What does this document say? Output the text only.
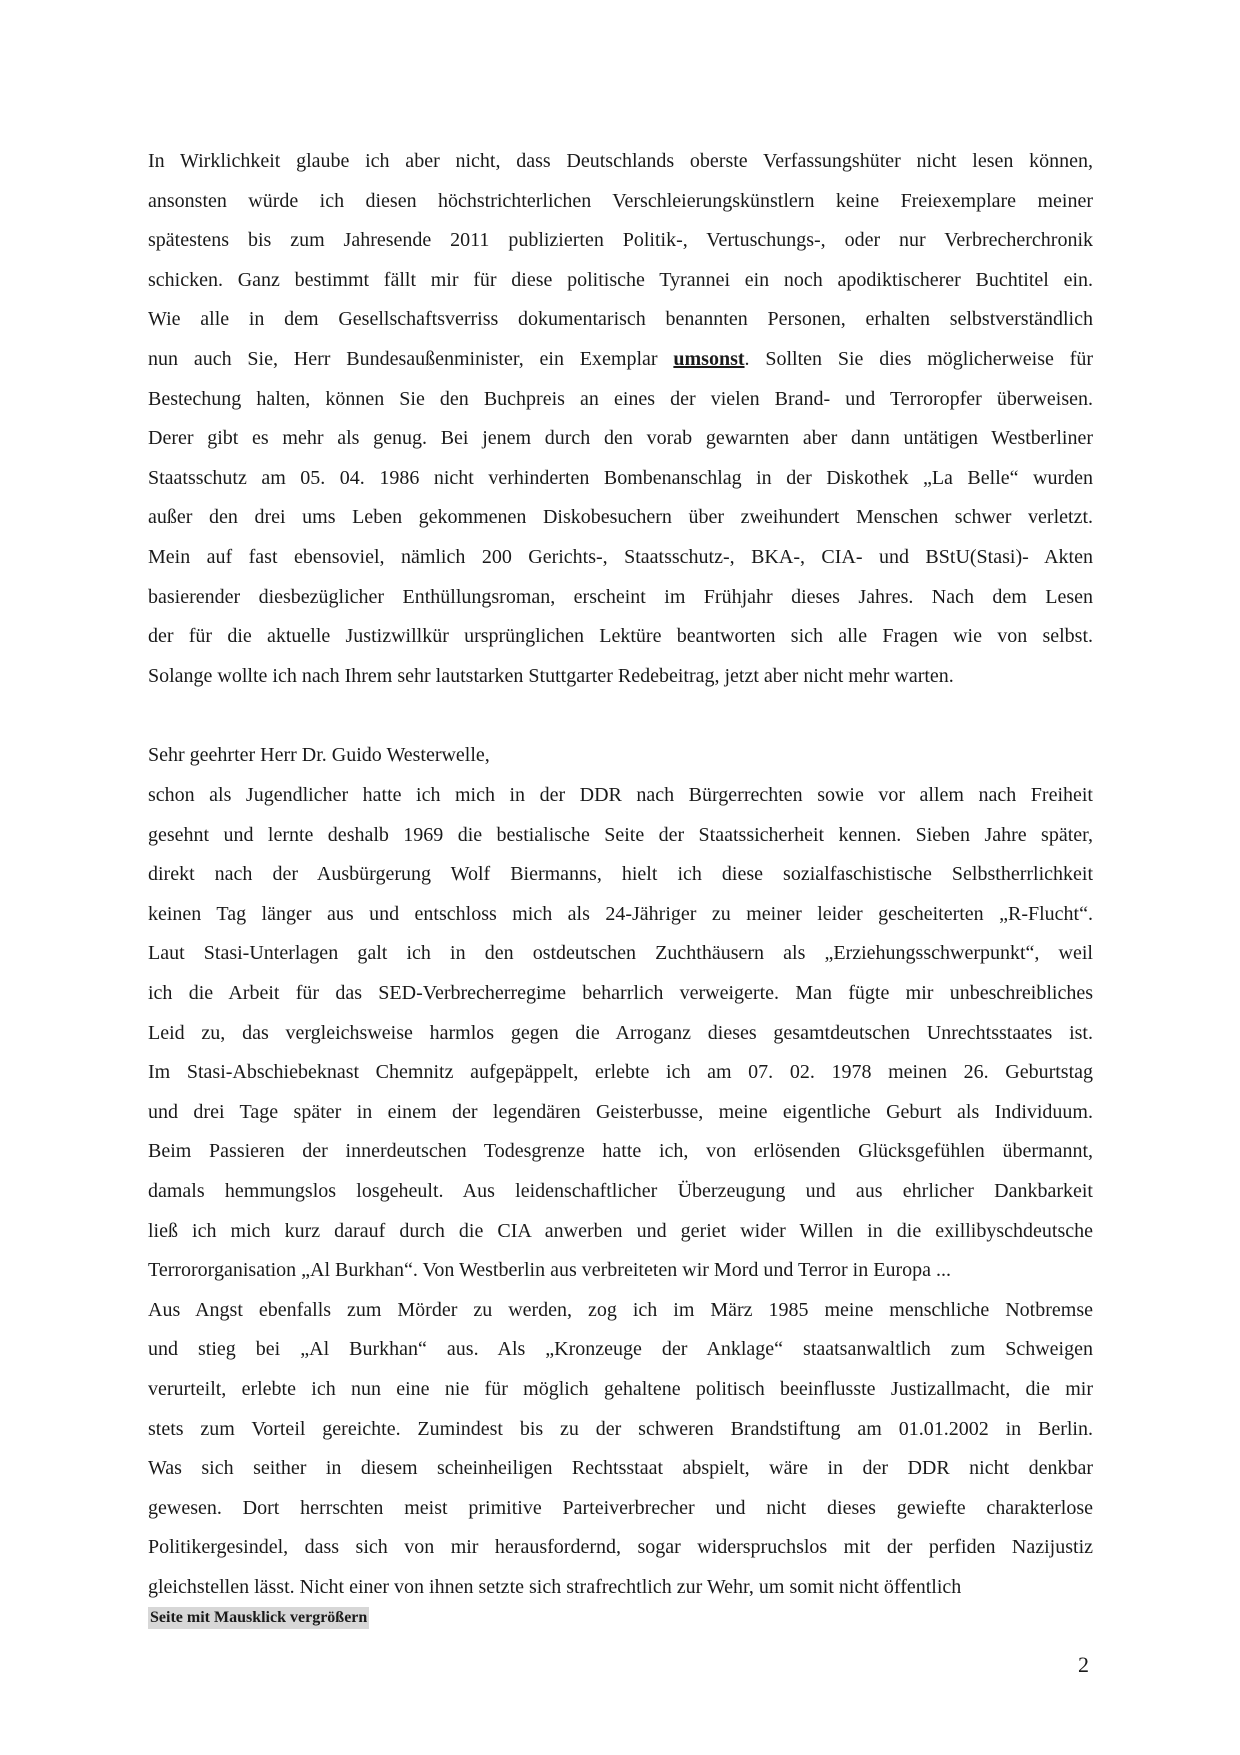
In Wirklichkeit glaube ich aber nicht, dass Deutschlands oberste Verfassungshüter nicht lesen können,
ansonsten würde ich diesen höchstrichterlichen Verschleierungskünstlern keine Freiexemplare meiner
spätestens bis zum Jahresende 2011 publizierten Politik-, Vertuschungs-, oder nur Verbrecherchronik
schicken. Ganz bestimmt fällt mir für diese politische Tyrannei ein noch apodiktischerer Buchtitel ein.
Wie alle in dem Gesellschaftsverriss dokumentarisch benannten Personen, erhalten selbstverständlich
nun auch Sie, Herr Bundesaußenminister, ein Exemplar umsonst. Sollten Sie dies möglicherweise für
Bestechung halten, können Sie den Buchpreis an eines der vielen Brand- und Terroropfer überweisen.
Derer gibt es mehr als genug. Bei jenem durch den vorab gewarnten aber dann untätigen Westberliner
Staatsschutz am 05. 04. 1986 nicht verhinderten Bombenanschlag in der Diskothek „La Belle“ wurden
außer den drei ums Leben gekommenen Diskobesuchern über zweihundert Menschen schwer verletzt.
Mein auf fast ebensoviel, nämlich 200 Gerichts-, Staatsschutz-, BKA-, CIA- und BStU(Stasi)- Akten
basierender diesbezüglicher Enthüllungsroman, erscheint im Frühjahr dieses Jahres. Nach dem Lesen
der für die aktuelle Justizwillkür ursprünglichen Lektüre beantworten sich alle Fragen wie von selbst.
Solange wollte ich nach Ihrem sehr lautstarken Stuttgarter Redebeitrag, jetzt aber nicht mehr warten.

Sehr geehrter Herr Dr. Guido Westerwelle,

schon als Jugendlicher hatte ich mich in der DDR nach Bürgerrechten sowie vor allem nach Freiheit
gesehnt und lernte deshalb 1969 die bestialische Seite der Staatssicherheit kennen. Sieben Jahre später,
direkt nach der Ausbürgerung Wolf Biermanns, hielt ich diese sozialfaschistische Selbstherrlichkeit
keinen Tag länger aus und entschloss mich als 24-Jähriger zu meiner leider gescheiterten „R-Flucht“.
Laut Stasi-Unterlagen galt ich in den ostdeutschen Zuchthäusern als „Erziehungsschwerpunkt“, weil
ich die Arbeit für das SED-Verbrecherregime beharrlich verweigerte. Man fügte mir unbeschreibliches
Leid zu, das vergleichsweise harmlos gegen die Arroganz dieses gesamtdeutschen Unrechtsstaates ist.
Im Stasi-Abschiebeknast Chemnitz aufgepäppelt, erlebte ich am 07. 02. 1978 meinen 26. Geburtstag
und drei Tage später in einem der legendären Geisterbusse, meine eigentliche Geburt als Individuum.
Beim Passieren der innerdeutschen Todesgrenze hatte ich, von erlösenden Glücksgefühlen übermannt,
damals hemmungslos losgeheult. Aus leidenschaftlicher Überzeugung und aus ehrlicher Dankbarkeit
ließ ich mich kurz darauf durch die CIA anwerben und geriet wider Willen in die exillibyschdeutsche
Terrororganisation „Al Burkhan“. Von Westberlin aus verbreiteten wir Mord und Terror in Europa ...
Aus Angst ebenfalls zum Mörder zu werden, zog ich im März 1985 meine menschliche Notbremse
und stieg bei „Al Burkhan“ aus. Als „Kronzeuge der Anklage“ staatsanwaltlich zum Schweigen
verurteilt, erlebte ich nun eine nie für möglich gehaltene politisch beeinflusste Justizallmacht, die mir
stets zum Vorteil gereichte. Zumindest bis zu der schweren Brandstiftung am 01.01.2002 in Berlin.
Was sich seither in diesem scheinheiligen Rechtsstaat abspielt, wäre in der DDR nicht denkbar
gewesen. Dort herrschten meist primitive Parteiverbrecher und nicht dieses gewiefte charakterlose
Politikergesindel, dass sich von mir herausfordernd, sogar widerspruchslos mit der perfiden Nazijustiz
gleichstellen lässt. Nicht einer von ihnen setzte sich strafrechtlich zur Wehr, um somit nicht öffentlich
Seite mit Mausklick vergrößern
2
